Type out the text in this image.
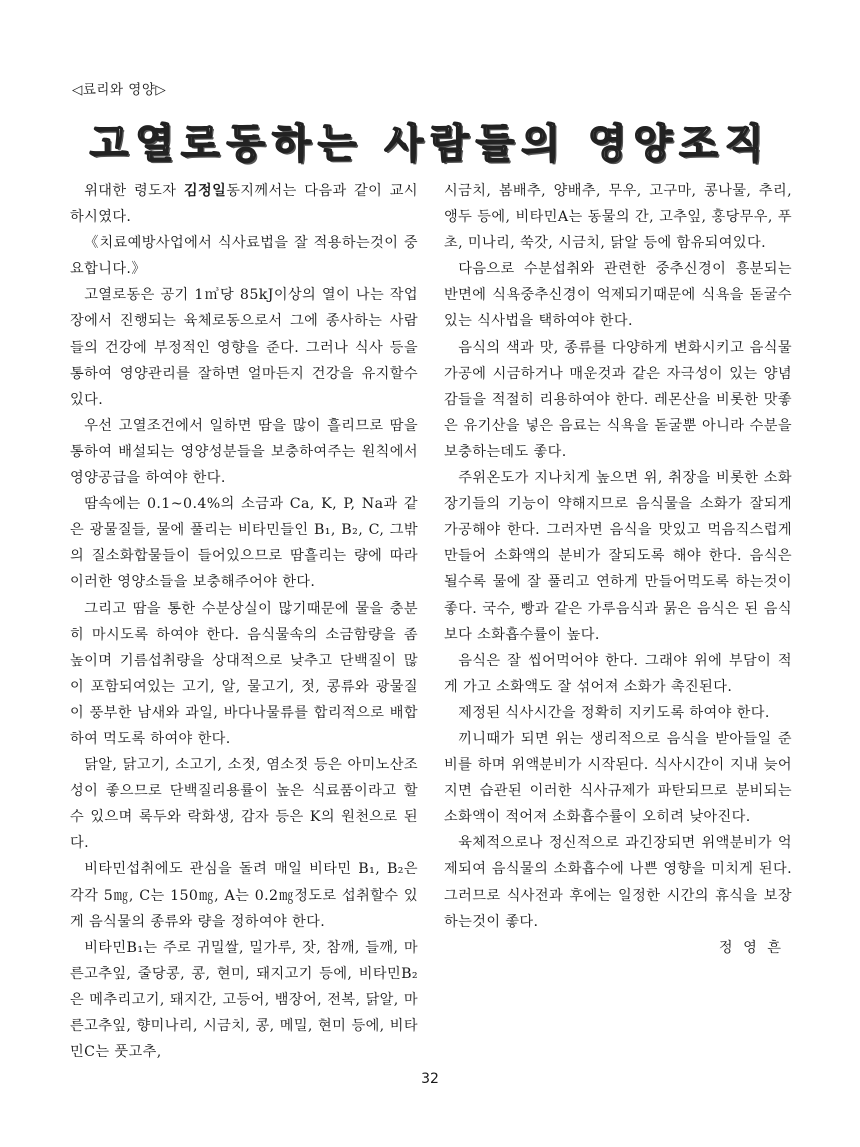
◁료리와 영양▷
고열로동하는 사람들의 영양조직

위대한 령도자 김정일동지께서는 다음과 같이 교시하시였다.

《치료예방사업에서 식사료법을 잘 적용하는것이 중요합니다.》

고열로동은 공기 1㎥당 85kJ이상의 열이 나는 작업장에서 진행되는 육체로동으로서 그에 종사하는 사람들의 건강에 부정적인 영향을 준다. 그러나 식사 등을 통하여 영양관리를 잘하면 얼마든지 건강을 유지할수 있다.

우선 고열조건에서 일하면 땀을 많이 흘리므로 땀을 통하여 배설되는 영양성분들을 보충하여주는 원칙에서 영양공급을 하여야 한다.

땀속에는 0.1~0.4%의 소금과 Ca, K, P, Na과 같은 광물질들, 물에 풀리는 비타민들인 B₁, B₂, C, 그밖의 질소화합물들이 들어있으므로 땀흘리는 량에 따라 이러한 영양소들을 보충해주어야 한다.

그리고 땀을 통한 수분상실이 많기때문에 물을 충분히 마시도록 하여야 한다. 음식물속의 소금함량을 좀 높이며 기름섭취량을 상대적으로 낮추고 단백질이 많이 포함되여있는 고기, 알, 물고기, 젓, 콩류와 광물질이 풍부한 남새와 과일, 바다나물류를 합리적으로 배합하여 먹도록 하여야 한다.

닭알, 닭고기, 소고기, 소젓, 염소젓 등은 아미노산조성이 좋으므로 단백질리용률이 높은 식료품이라고 할수 있으며 록두와 락화생, 감자 등은 K의 원천으로 된다.

비타민섭취에도 관심을 돌려 매일 비타민 B₁, B₂은 각각 5㎎, C는 150㎎, A는 0.2㎎정도로 섭취할수 있게 음식물의 종류와 량을 정하여야 한다.

비타민B₁는 주로 귀밀쌀, 밀가루, 잣, 참깨, 들깨, 마른고추잎, 줄당콩, 콩, 현미, 돼지고기 등에, 비타민B₂은 메추리고기, 돼지간, 고등어, 뱀장어, 전복, 닭알, 마른고추잎, 향미나리, 시금치, 콩, 메밀, 현미 등에, 비타민C는 풋고추,

시금치, 봄배추, 양배추, 무우, 고구마, 콩나물, 추리, 앵두 등에, 비타민A는 동물의 간, 고추잎, 홍당무우, 푸초, 미나리, 쑥갓, 시금치, 닭알 등에 함유되여있다.

다음으로 수분섭취와 관련한 중추신경이 흥분되는 반면에 식욕중추신경이 억제되기때문에 식욕을 돋굴수 있는 식사법을 택하여야 한다.

음식의 색과 맛, 종류를 다양하게 변화시키고 음식물가공에 시금하거나 매운것과 같은 자극성이 있는 양념감들을 적절히 리용하여야 한다. 레몬산을 비롯한 맛좋은 유기산을 넣은 음료는 식욕을 돋굴뿐 아니라 수분을 보충하는데도 좋다.

주위온도가 지나치게 높으면 위, 취장을 비롯한 소화장기들의 기능이 약해지므로 음식물을 소화가 잘되게 가공해야 한다. 그러자면 음식을 맛있고 먹음직스럽게 만들어 소화액의 분비가 잘되도록 해야 한다. 음식은 될수록 물에 잘 풀리고 연하게 만들어먹도록 하는것이 좋다. 국수, 빵과 같은 가루음식과 묽은 음식은 된 음식보다 소화흡수률이 높다.

음식은 잘 씹어먹어야 한다. 그래야 위에 부담이 적게 가고 소화액도 잘 섞어져 소화가 촉진된다.

제정된 식사시간을 정확히 지키도록 하여야 한다.

끼니때가 되면 위는 생리적으로 음식을 받아들일 준비를 하며 위액분비가 시작된다. 식사시간이 지내 늦어지면 습관된 이러한 식사규제가 파탄되므로 분비되는 소화액이 적어져 소화흡수률이 오히려 낮아진다.

육체적으로나 정신적으로 과긴장되면 위액분비가 억제되여 음식물의 소화흡수에 나쁜 영향을 미치게 된다. 그러므로 식사전과 후에는 일정한 시간의 휴식을 보장하는것이 좋다.

정 영 흔
32
